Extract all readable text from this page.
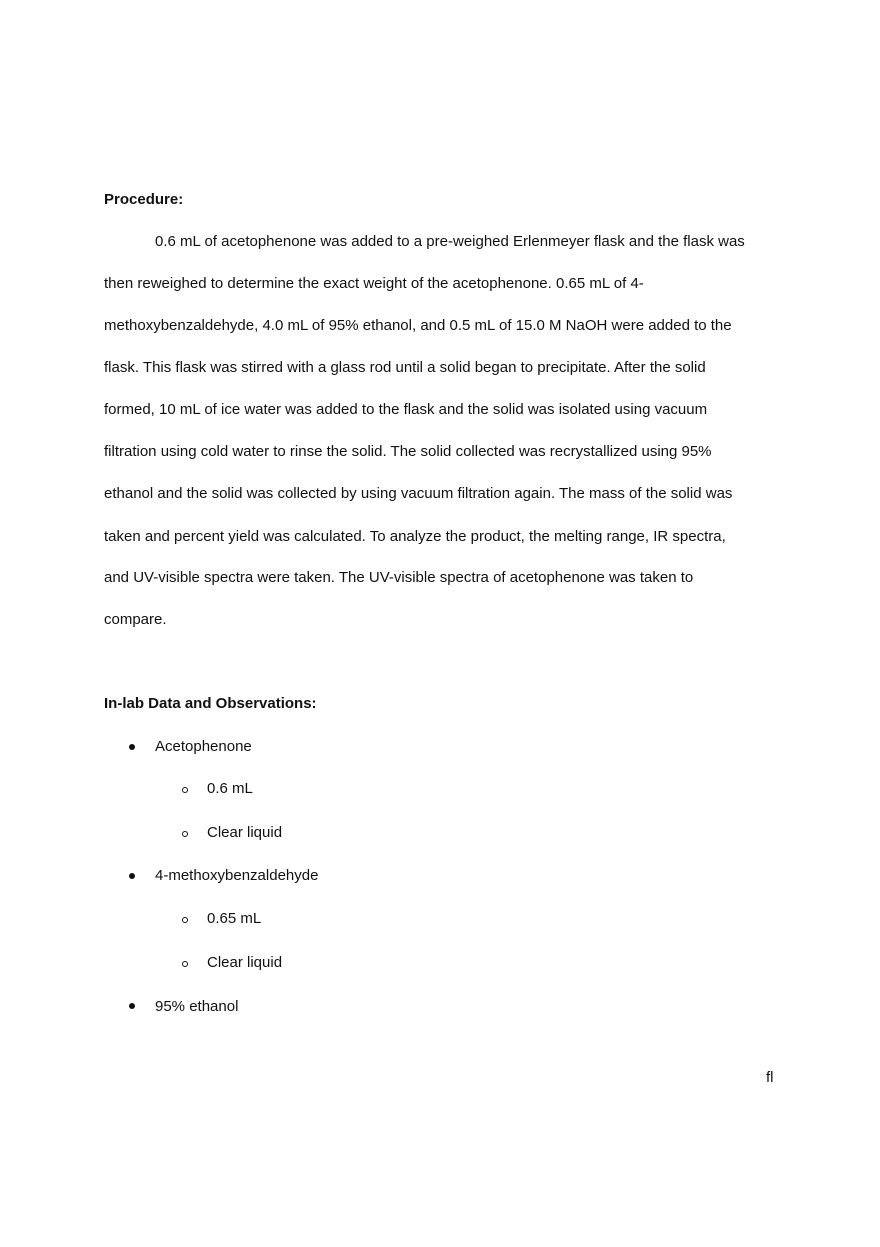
Procedure:
0.6 mL of acetophenone was added to a pre-weighed Erlenmeyer flask and the flask was
then reweighed to determine the exact weight of the acetophenone. 0.65 mL of 4-
methoxybenzaldehyde, 4.0 mL of 95% ethanol, and 0.5 mL of 15.0 M NaOH were added to the
flask. This flask was stirred with a glass rod until a solid began to precipitate. After the solid
formed, 10 mL of ice water was added to the flask and the solid was isolated using vacuum
filtration using cold water to rinse the solid. The solid collected was recrystallized using 95%
ethanol and the solid was collected by using vacuum filtration again. The mass of the solid was
taken and percent yield was calculated. To analyze the product, the melting range, IR spectra,
and UV-visible spectra were taken. The UV-visible spectra of acetophenone was taken to
compare.
In-lab Data and Observations:
Acetophenone
0.6 mL
Clear liquid
4-methoxybenzaldehyde
0.65 mL
Clear liquid
95% ethanol
fl
